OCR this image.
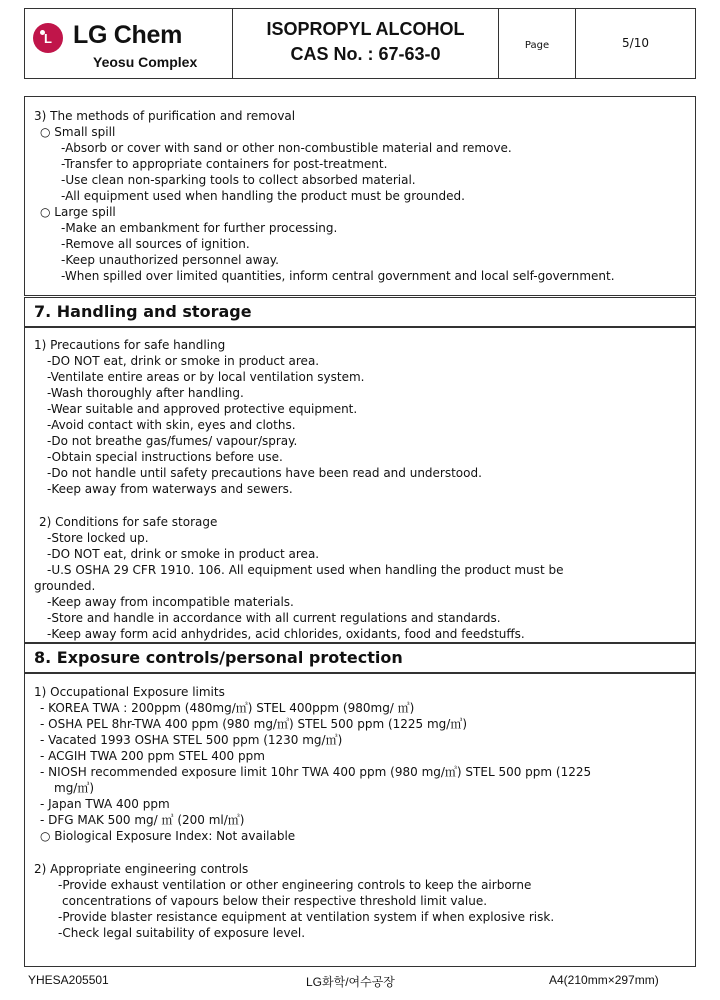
L LG Chem
Yeosu Complex
ISOPROPYL ALCOHOL
CAS No. : 67-63-0	Page	5/10
3) The methods of purification and removal
○ Small spill
-Absorb or cover with sand or other non-combustible material and remove.
-Transfer to appropriate containers for post-treatment.
-Use clean non-sparking tools to collect absorbed material.
-All equipment used when handling the product must be grounded.
○ Large spill
-Make an embankment for further processing.
-Remove all sources of ignition.
-Keep unauthorized personnel away.
-When spilled over limited quantities, inform central government and local self-government.
7. Handling and storage
1) Precautions for safe handling
-DO NOT eat, drink or smoke in product area.
-Ventilate entire areas or by local ventilation system.
-Wash thoroughly after handling.
-Wear suitable and approved protective equipment.
-Avoid contact with skin, eyes and cloths.
-Do not breathe gas/fumes/ vapour/spray.
-Obtain special instructions before use.
-Do not handle until safety precautions have been read and understood.
-Keep away from waterways and sewers.
2) Conditions for safe storage
-Store locked up.
-DO NOT eat, drink or smoke in product area.
-U.S OSHA 29 CFR 1910. 106. All equipment used when handling the product must be
grounded.
-Keep away from incompatible materials.
-Store and handle in accordance with all current regulations and standards.
-Keep away form acid anhydrides, acid chlorides, oxidants, food and feedstuffs.
8. Exposure controls/personal protection
1) Occupational Exposure limits
- KOREA TWA : 200ppm (480mg/㎥) STEL 400ppm (980mg/ ㎥)
- OSHA PEL 8hr-TWA 400 ppm (980 mg/㎥) STEL 500 ppm (1225 mg/㎥)
- Vacated 1993 OSHA STEL 500 ppm (1230 mg/㎥)
- ACGIH TWA 200 ppm STEL 400 ppm
- NIOSH recommended exposure limit 10hr TWA 400 ppm (980 mg/㎥) STEL 500 ppm (1225
mg/㎥)
- Japan TWA 400 ppm
- DFG MAK 500 mg/ ㎥ (200 ml/㎥)
○ Biological Exposure Index: Not available
2) Appropriate engineering controls
-Provide exhaust ventilation or other engineering controls to keep the airborne
concentrations of vapours below their respective threshold limit value.
-Provide blaster resistance equipment at ventilation system if when explosive risk.
-Check legal suitability of exposure level.
YHESA205501	LG화학/여수공장	A4(210mm×297mm)
